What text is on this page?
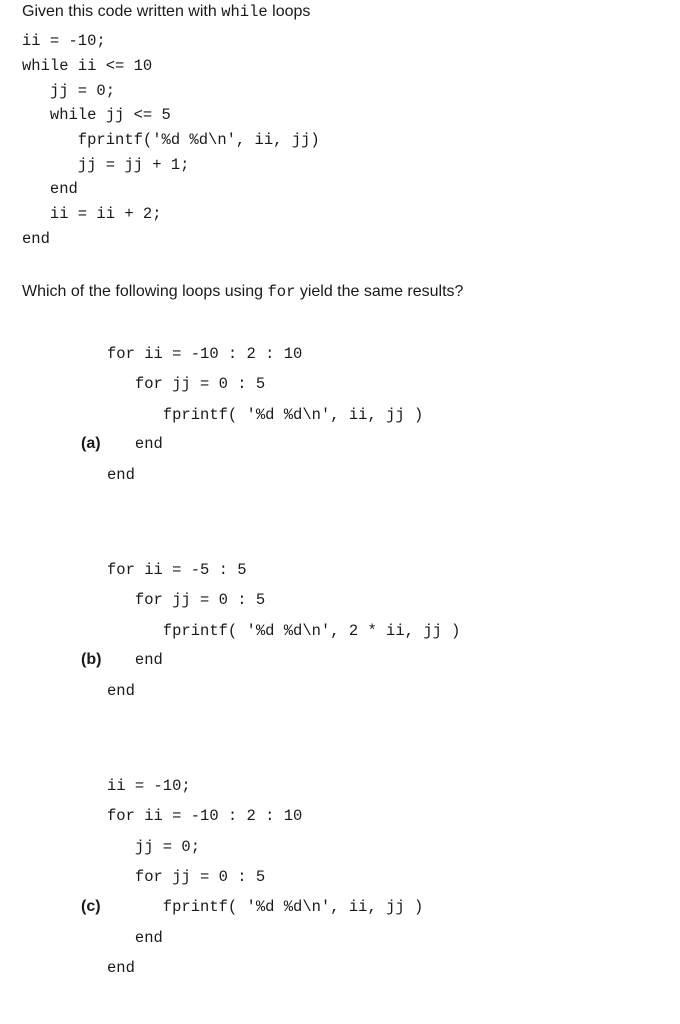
Given this code written with while loops
ii = -10;
while ii <= 10
jj = 0;
while jj <= 5
fprintf('%d %d\n', ii, jj)
jj = jj + 1;
end
ii = ii + 2;
end
Which of the following loops using for yield the same results?
for ii = -10 : 2 : 10
for jj = 0 : 5
fprintf( '%d %d\n', ii, jj )
(a) end
end
for ii = -5 : 5
for jj = 0 : 5
fprintf( '%d %d\n', 2 * ii, jj )
(b) end
end
ii = -10;
for ii = -10 : 2 : 10
jj = 0;
for jj = 0 : 5
(c) fprintf( '%d %d\n', ii, jj )
end
end
